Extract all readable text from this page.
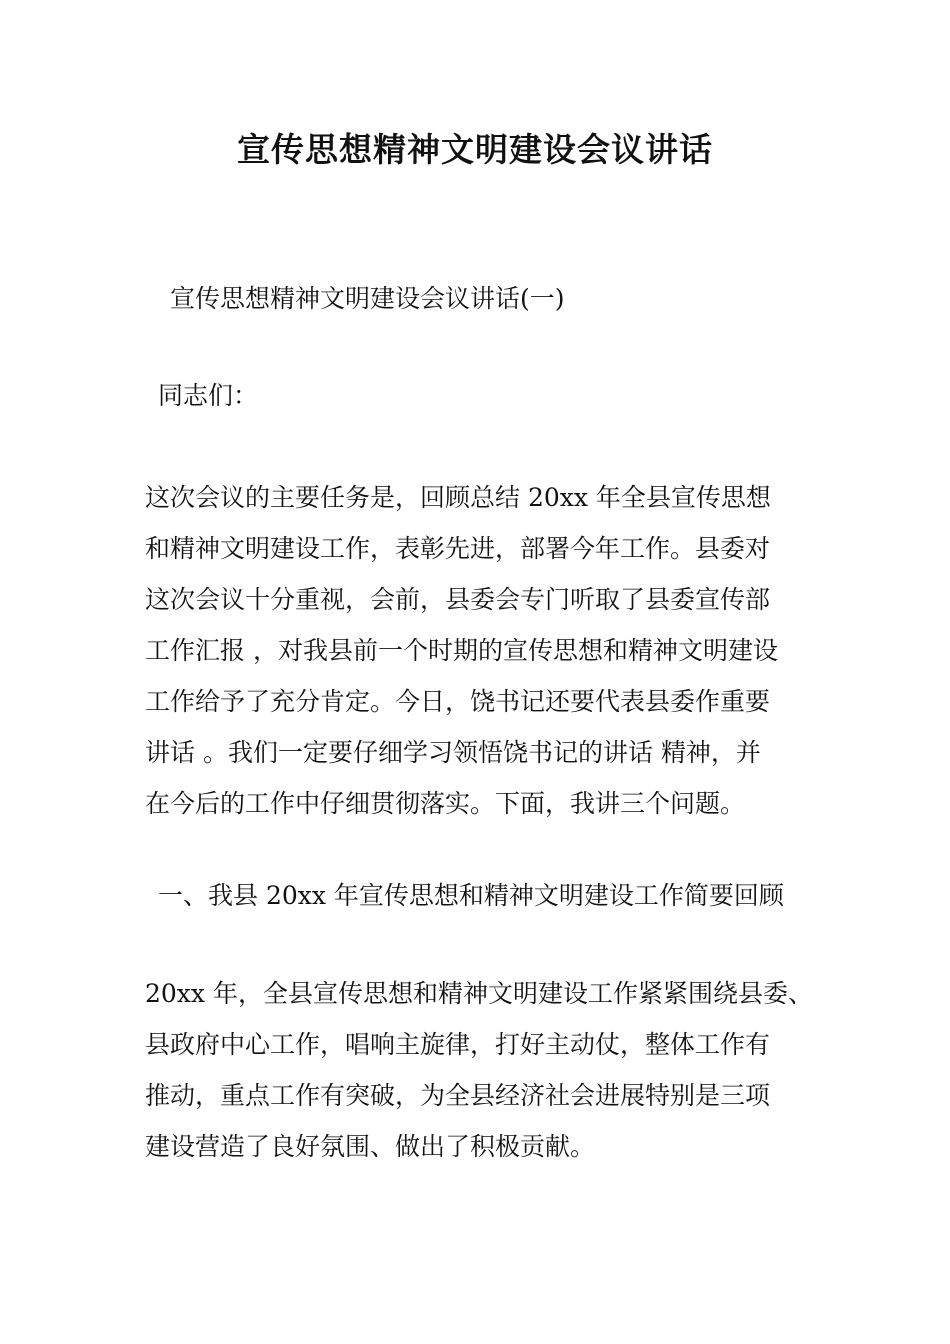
宣传思想精神文明建设会议讲话

宣传思想精神文明建设会议讲话(一)

同志们：

这次会议的主要任务是，回顾总结 20xx 年全县宣传思想
和精神文明建设工作，表彰先进，部署今年工作。县委对
这次会议十分重视，会前，县委会专门听取了县委宣传部
工作汇报 ，对我县前一个时期的宣传思想和精神文明建设
工作给予了充分肯定。今日，饶书记还要代表县委作重要
讲话 。我们一定要仔细学习领悟饶书记的讲话 精神，并
在今后的工作中仔细贯彻落实。下面，我讲三个问题。

一、我县 20xx 年宣传思想和精神文明建设工作简要回顾

20xx 年，全县宣传思想和精神文明建设工作紧紧围绕县委、
县政府中心工作，唱响主旋律，打好主动仗，整体工作有
推动，重点工作有突破，为全县经济社会进展特别是三项
建设营造了良好氛围、做出了积极贡献。
